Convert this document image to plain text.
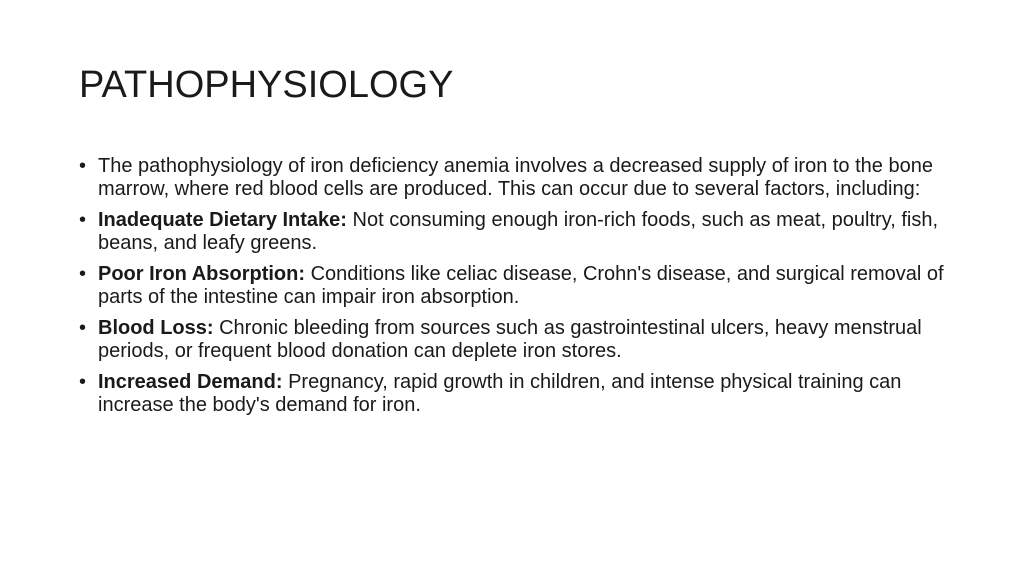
PATHOPHYSIOLOGY
• The pathophysiology of iron deficiency anemia involves a decreased supply of iron to the bone marrow, where red blood cells are produced. This can occur due to several factors, including:
• Inadequate Dietary Intake: Not consuming enough iron-rich foods, such as meat, poultry, fish, beans, and leafy greens.
• Poor Iron Absorption: Conditions like celiac disease, Crohn's disease, and surgical removal of parts of the intestine can impair iron absorption.
• Blood Loss: Chronic bleeding from sources such as gastrointestinal ulcers, heavy menstrual periods, or frequent blood donation can deplete iron stores.
• Increased Demand: Pregnancy, rapid growth in children, and intense physical training can increase the body's demand for iron.
